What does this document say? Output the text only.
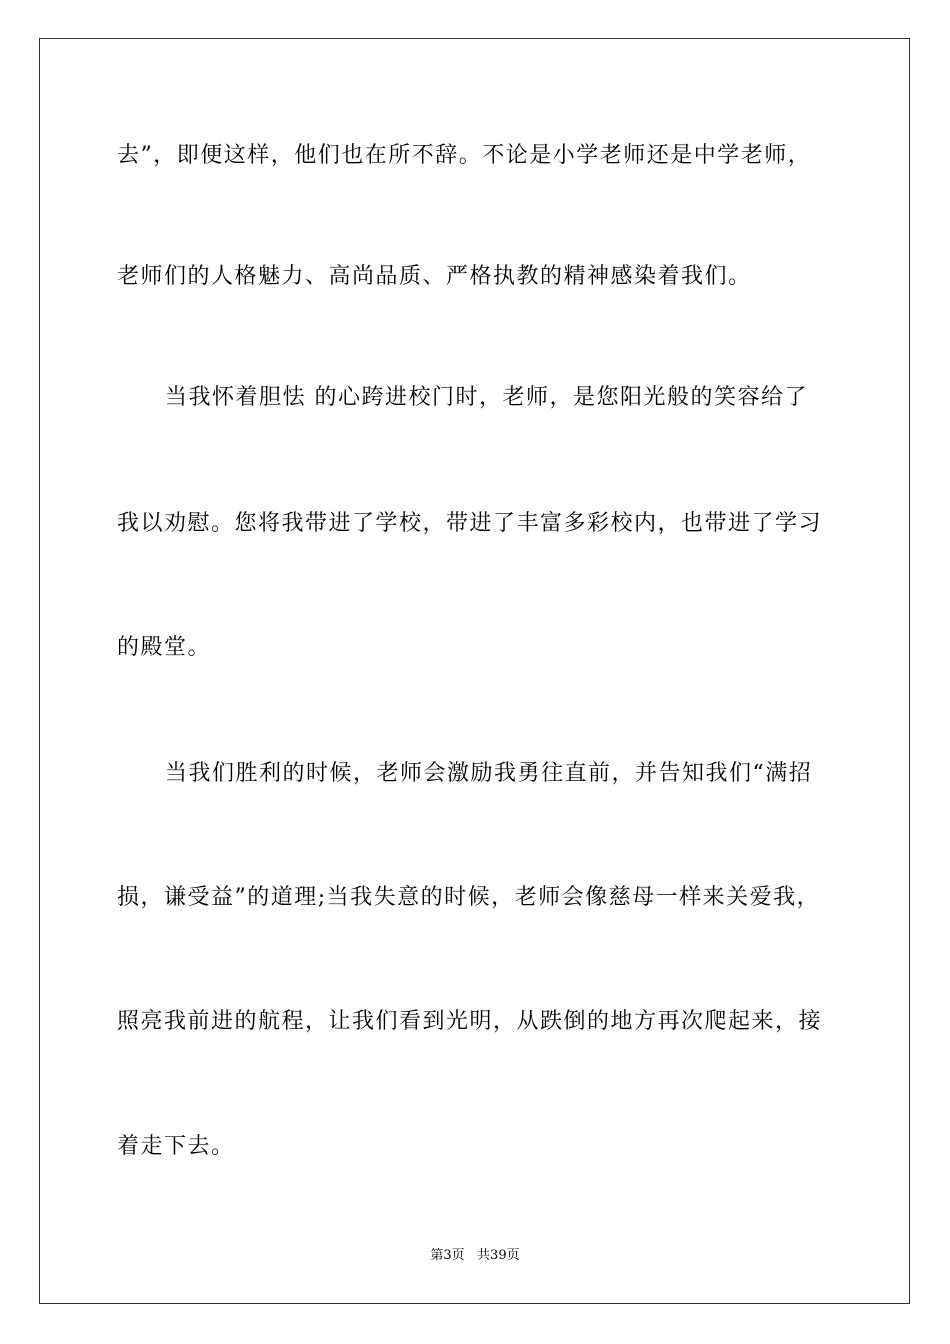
去”，即便这样，他们也在所不辞。不论是小学老师还是中学老师，
老师们的人格魅力、高尚品质、严格执教的精神感染着我们。
当我怀着胆怯 的心跨进校门时，老师，是您阳光般的笑容给了
我以劝慰。您将我带进了学校，带进了丰富多彩校内，也带进了学习
的殿堂。
当我们胜利的时候，老师会激励我勇往直前，并告知我们“满招
损，谦受益”的道理;当我失意的时候，老师会像慈母一样来关爱我，
照亮我前进的航程，让我们看到光明，从跌倒的地方再次爬起来，接
着走下去。
第3页   共39页
